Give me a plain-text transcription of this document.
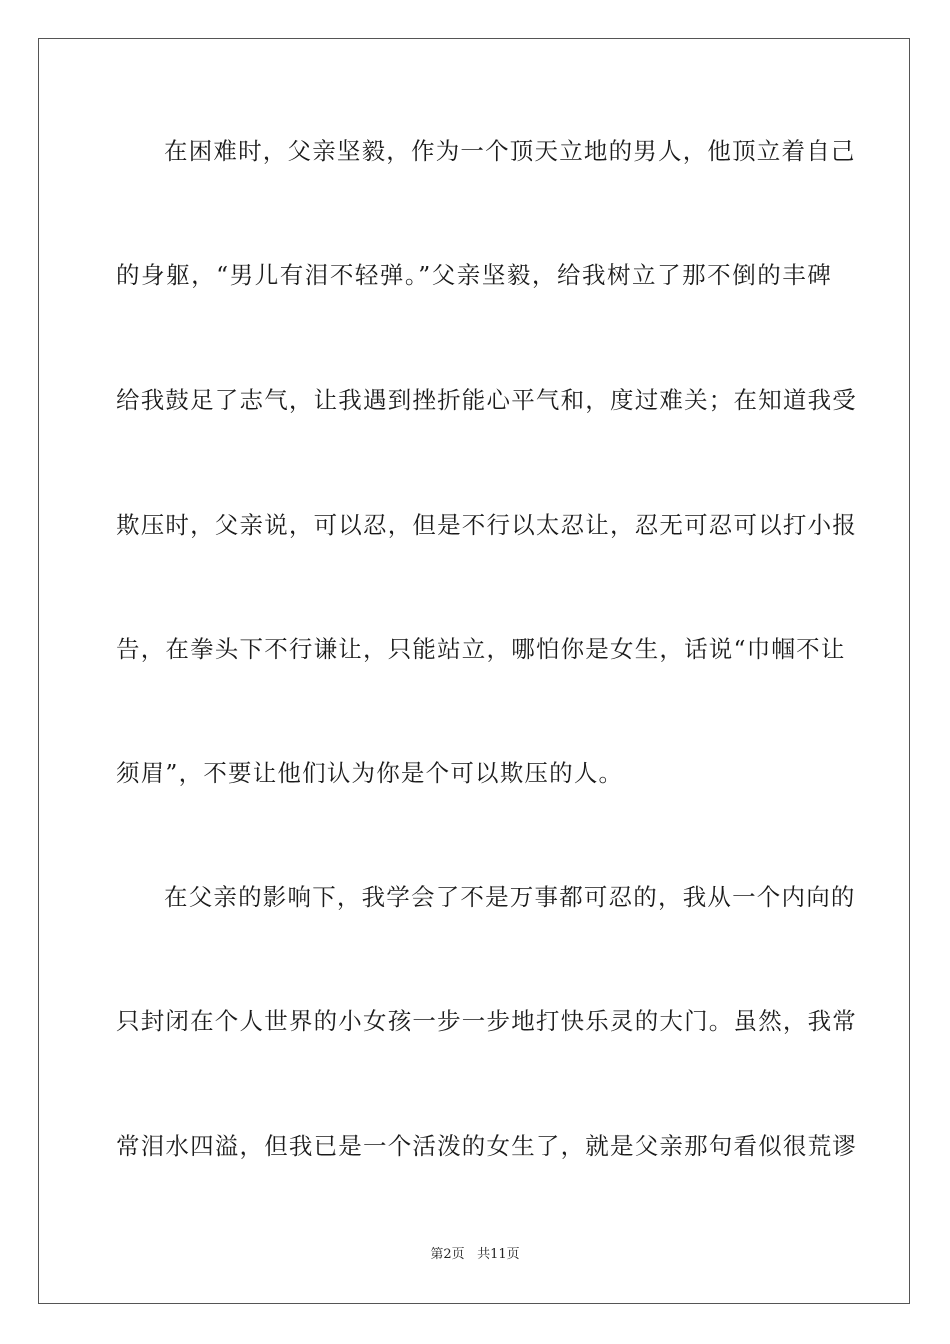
在困难时，父亲坚毅，作为一个顶天立地的男人，他顶立着自己
的身躯，“男儿有泪不轻弹。”父亲坚毅，给我树立了那不倒的丰碑
给我鼓足了志气，让我遇到挫折能心平气和，度过难关；在知道我受
欺压时，父亲说，可以忍，但是不行以太忍让，忍无可忍可以打小报
告，在拳头下不行谦让，只能站立，哪怕你是女生，话说“巾帼不让
须眉”，不要让他们认为你是个可以欺压的人。
在父亲的影响下，我学会了不是万事都可忍的，我从一个内向的
只封闭在个人世界的小女孩一步一步地打快乐灵的大门。虽然，我常
常泪水四溢，但我已是一个活泼的女生了，就是父亲那句看似很荒谬
第2页 共11页
